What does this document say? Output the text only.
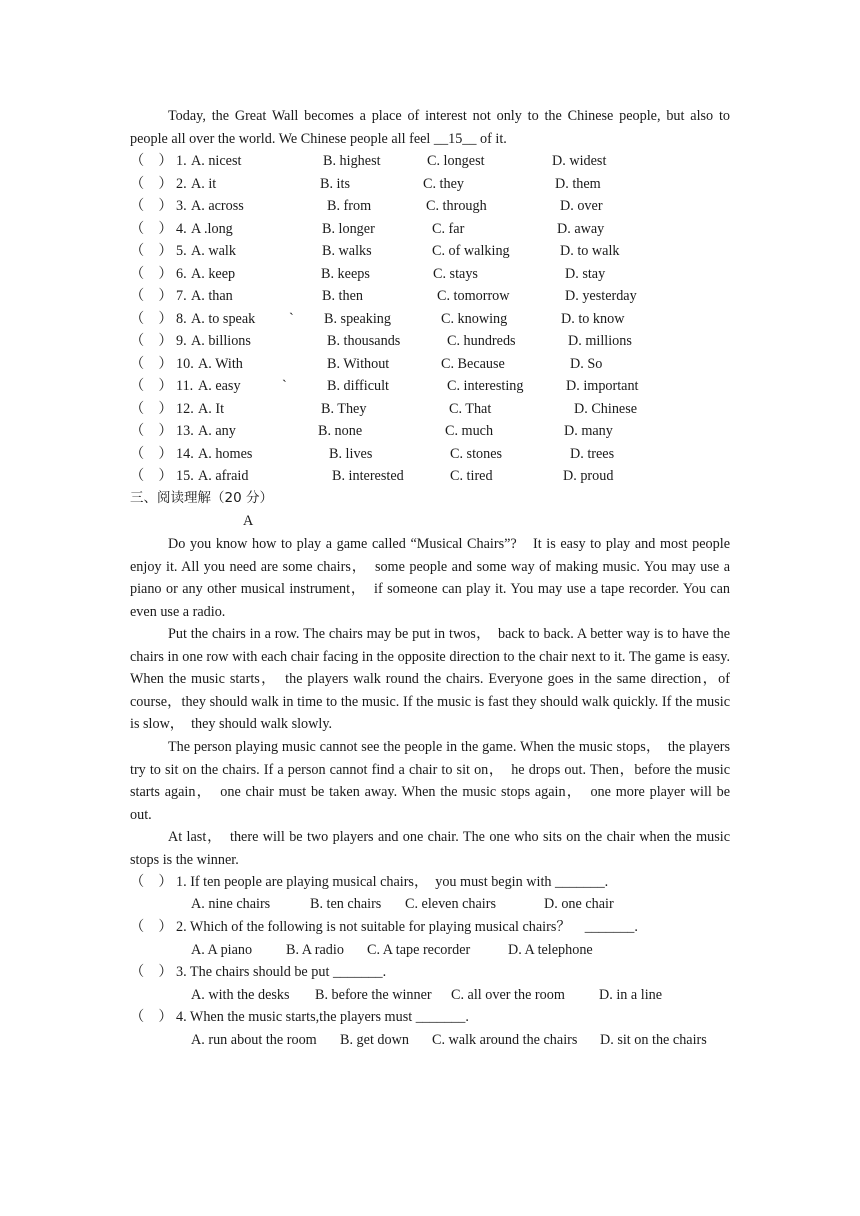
Today, the Great Wall becomes a place of interest not only to the Chinese people, but also to people all over the world. We Chinese people all feel __15__ of it.

（　） 1. A. nicest	B. highest	C. longest	D. widest
（　） 2. A. it	B. its	C. they	D. them
（　） 3. A. across	B. from	C. through	D. over
（　） 4. A .long	B. longer	C. far	D. away
（　） 5. A. walk	B. walks	C. of walking	D. to walk
（　） 6. A. keep	B. keeps	C. stays	D. stay
（　） 7. A. than	B. then	C. tomorrow	D. yesterday
（　） 8. A. to speak ` B. speaking	C. knowing	D. to know
（　） 9. A. billions	B. thousands	C. hundreds	D. millions
（　） 10. A. With	B. Without	C. Because	D. So
（　） 11. A. easy	`	B. difficult	C. interesting	D. important
（　） 12. A. It	B. They	C. That	D. Chinese
（　） 13. A. any	B. none	C. much	D. many
（　） 14. A. homes	B. lives	C. stones	D. trees
（　） 15. A. afraid	B. interested	C. tired	D. proud
三、阅读理解（20 分）
A

Do you know how to play a game called “Musical Chairs”?　It is easy to play and most people enjoy it. All you need are some chairs，　some people and some way of making music. You may use a piano or any other musical instrument，　if someone can play it. You may use a tape recorder. You can even use a radio.

Put the chairs in a row. The chairs may be put in twos，　back to back. A better way is to have the chairs in one row with each chair facing in the opposite direction to the chair next to it. The game is easy. When the music starts，　the players walk round the chairs. Everyone goes in the same direction，of course，they should walk in time to the music. If the music is fast they should walk quickly. If the music is slow，　they should walk slowly.

The person playing music cannot see the people in the game. When the music stops，　the players try to sit on the chairs. If a person cannot find a chair to sit on，　he drops out. Then，before the music starts again，　one chair must be taken away. When the music stops again，　one more player will be out.

At last，　there will be two players and one chair. The one who sits on the chair when the music stops is the winner.

（　） 1. If ten people are playing musical chairs，　you must begin with _______.
A. nine chairs	B. ten chairs C. eleven chairs	D. one chair
（　） 2. Which of the following is not suitable for playing musical chairs？　_______.
A. A piano B. A radio C. A tape recorder	D. A telephone
（　） 3. The chairs should be put _______.
A. with the desks B. before the winner C. all over the room D. in a line
（　） 4. When the music starts,the players must _______.
A. run about the room B. get down C. walk around the chairs D. sit on the chairs
